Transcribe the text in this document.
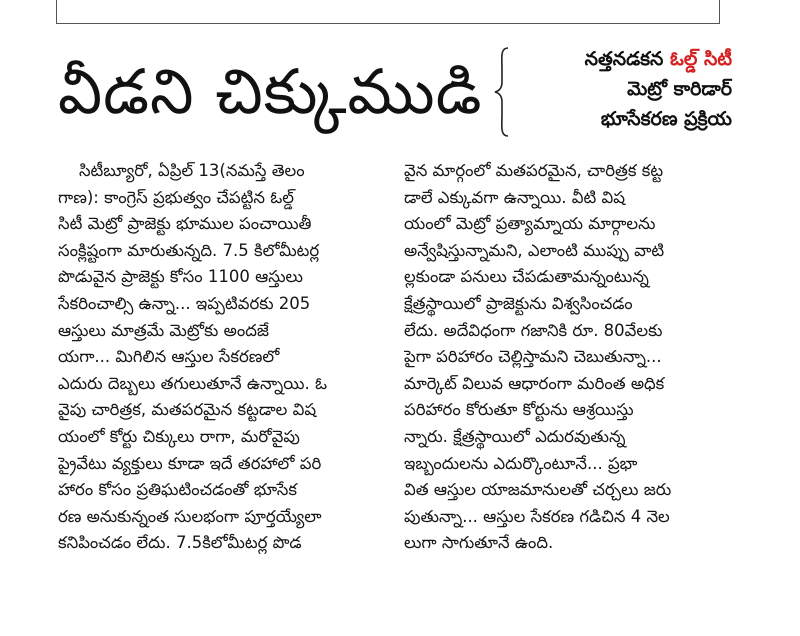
వీడని చిక్కుముడి	నత్తనడకన ఓల్డ్ సిటీ
మెట్రో కారిడార్
భూసేకరణ ప్రక్రియ
సిటీబ్యూరో, ఏప్రిల్ 13(నమస్తే తెలం
గాణ): కాంగ్రెస్ ప్రభుత్వం చేపట్టిన ఓల్డ్
సిటీ మెట్రో ప్రాజెక్టు భూముల పంచాయితీ
సంక్లిష్టంగా మారుతున్నది. 7.5 కిలోమీటర్ల
పొడువైన ప్రాజెక్టు కోసం 1100 ఆస్తులు
సేకరించాల్సి ఉన్నా... ఇప్పటివరకు 205
ఆస్తులు మాత్రమే మెట్రోకు అందజే
యగా... మిగిలిన ఆస్తుల సేకరణలో
ఎదురు దెబ్బలు తగులుతూనే ఉన్నాయి. ఓ
వైపు చారిత్రక, మతపరమైన కట్టడాల విష
యంలో కోర్టు చిక్కులు రాగా, మరోవైపు
ప్రైవేటు వ్యక్తులు కూడా ఇదే తరహాలో పరి
హారం కోసం ప్రతిఘటించడంతో భూసేక
రణ అనుకున్నంత సులభంగా పూర్తయ్యేలా
కనిపించడం లేదు. 7.5కిలోమీటర్ల పొడ
వైన మార్గంలో మతపరమైన, చారిత్రక కట్ట
డాలే ఎక్కువగా ఉన్నాయి. వీటి విష
యంలో మెట్రో ప్రత్యామ్నాయ మార్గాలను
అన్వేషిస్తున్నామని, ఎలాంటి ముప్పు వాటి
ల్లకుండా పనులు చేపడుతామన్నంటున్న
క్షేత్రస్థాయిలో ప్రాజెక్టును విశ్వసించడం
లేదు. అదేవిధంగా గజానికి రూ. 80వేలకు
పైగా పరిహారం చెల్లిస్తామని చెబుతున్నా...
మార్కెట్ విలువ ఆధారంగా మరింత అధిక
పరిహారం కోరుతూ కోర్టును ఆశ్రయిస్తు
న్నారు. క్షేత్రస్థాయిలో ఎదురవుతున్న
ఇబ్బందులను ఎదుర్కొంటూనే... ప్రభా
విత ఆస్తుల యాజమానులతో చర్చలు జరు
పుతున్నా... ఆస్తుల సేకరణ గడిచిన 4 నెల
లుగా సాగుతూనే ఉంది.
